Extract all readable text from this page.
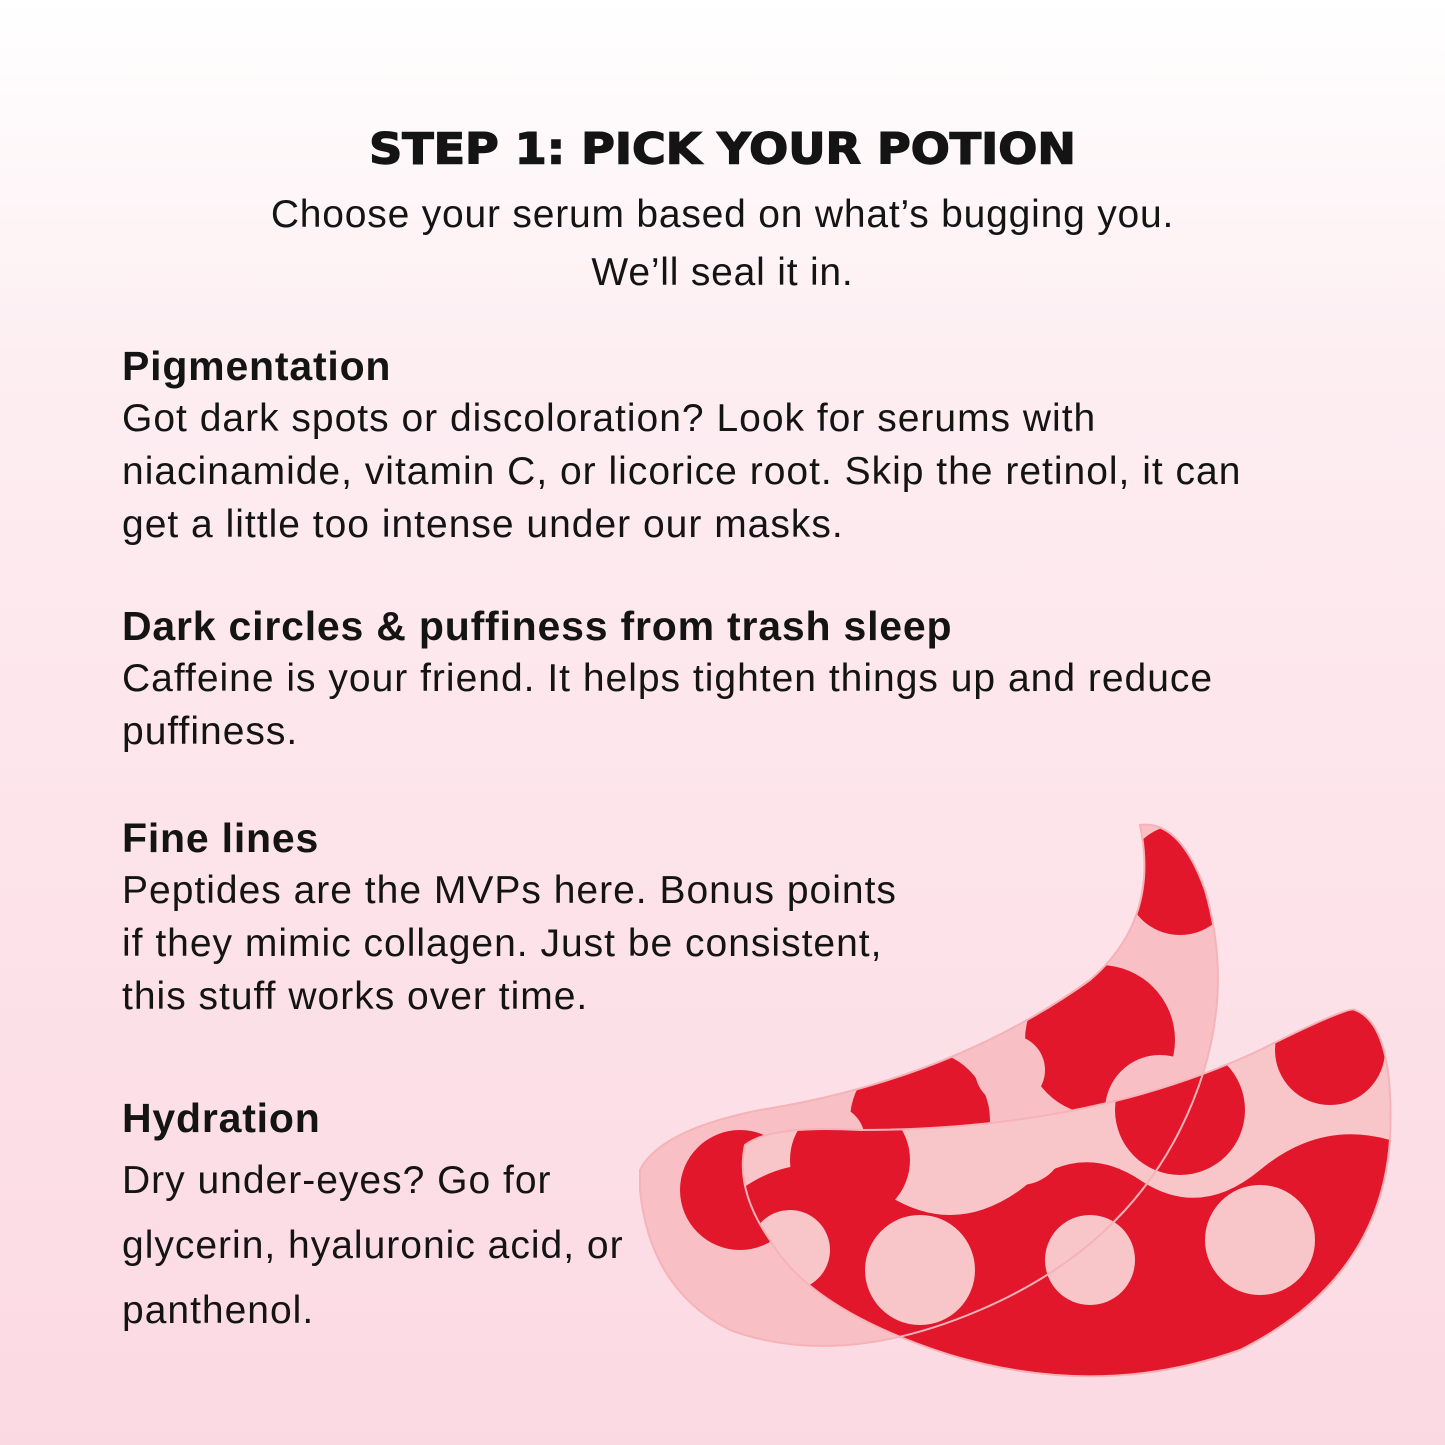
STEP 1: PICK YOUR POTION

Choose your serum based on what’s bugging you.
We’ll seal it in.

Pigmentation

Got dark spots or discoloration? Look for serums with niacinamide, vitamin C, or licorice root. Skip the retinol, it can get a little too intense under our masks.

Dark circles & puffiness from trash sleep

Caffeine is your friend. It helps tighten things up and reduce puffiness.

Fine lines

Peptides are the MVPs here. Bonus points if they mimic collagen. Just be consistent, this stuff works over time.

Hydration

Dry under-eyes? Go for glycerin, hyaluronic acid, or panthenol.
